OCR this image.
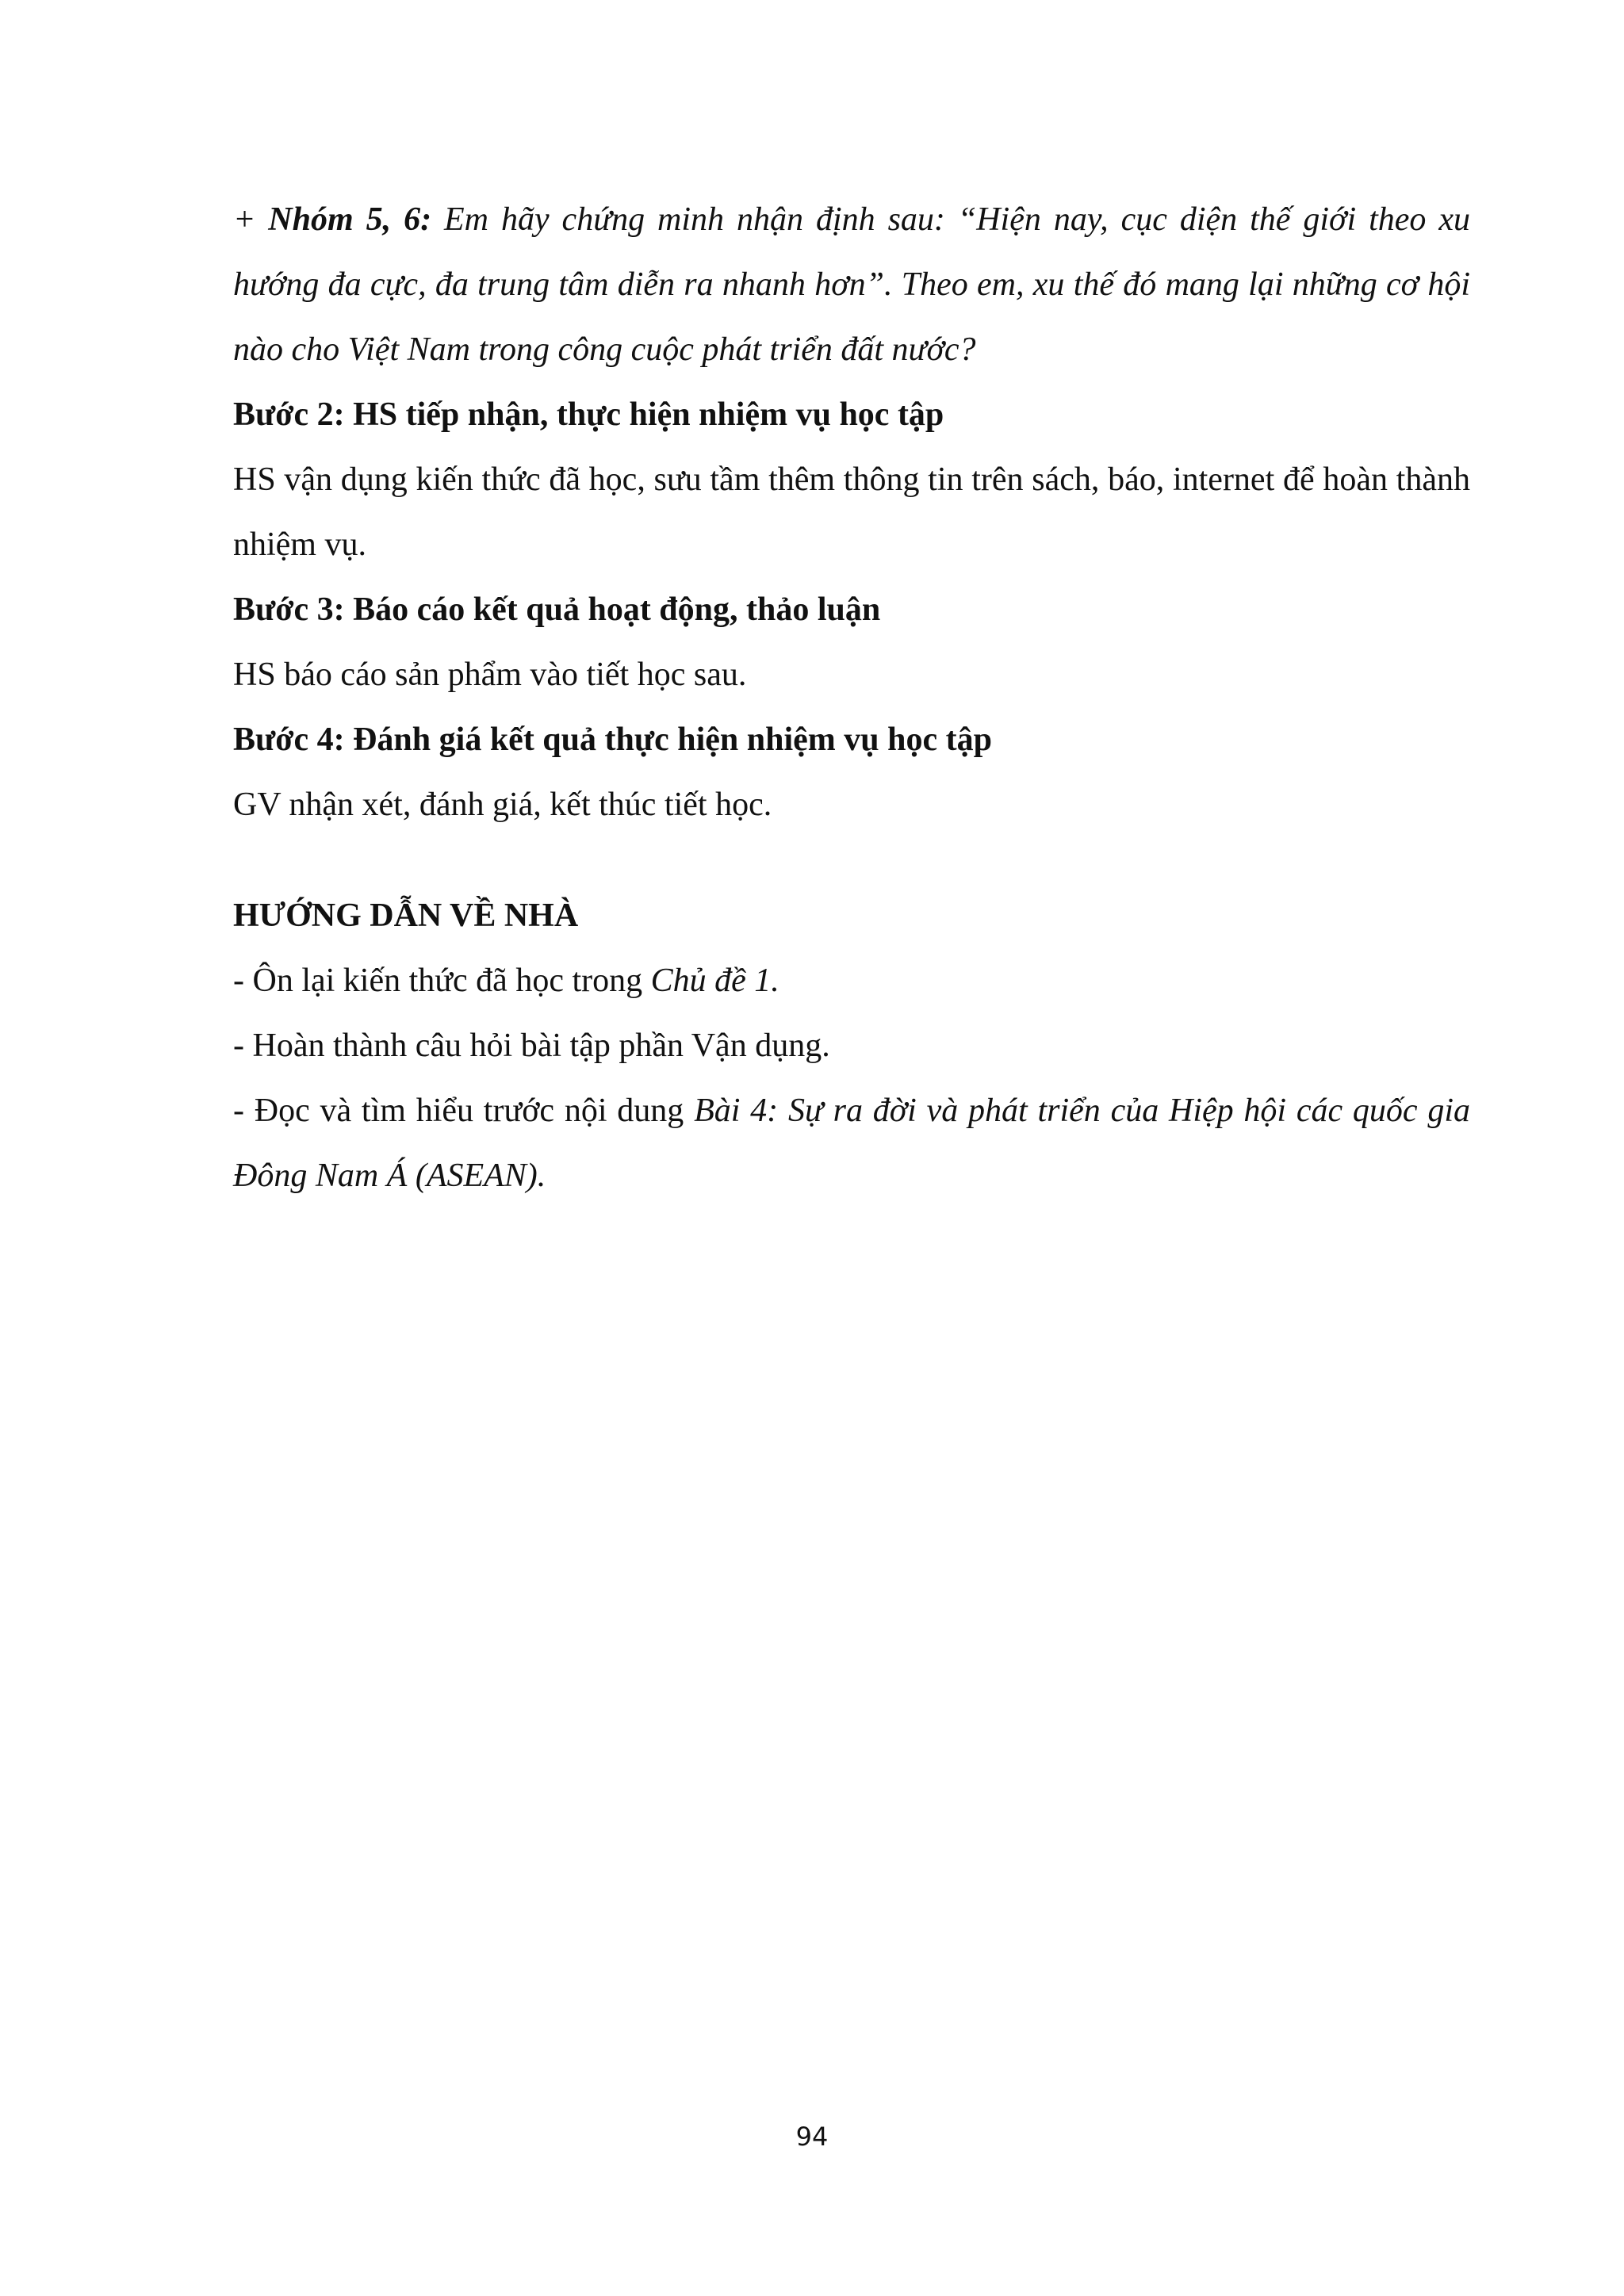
+ Nhóm 5, 6: Em hãy chứng minh nhận định sau: “Hiện nay, cục diện thế giới theo xu hướng đa cực, đa trung tâm diễn ra nhanh hơn”. Theo em, xu thế đó mang lại những cơ hội nào cho Việt Nam trong công cuộc phát triển đất nước?

Bước 2: HS tiếp nhận, thực hiện nhiệm vụ học tập

HS vận dụng kiến thức đã học, sưu tầm thêm thông tin trên sách, báo, internet để hoàn thành nhiệm vụ.

Bước 3: Báo cáo kết quả hoạt động, thảo luận

HS báo cáo sản phẩm vào tiết học sau.

Bước 4: Đánh giá kết quả thực hiện nhiệm vụ học tập

GV nhận xét, đánh giá, kết thúc tiết học.

HƯỚNG DẪN VỀ NHÀ

- Ôn lại kiến thức đã học trong Chủ đề 1.

- Hoàn thành câu hỏi bài tập phần Vận dụng.

- Đọc và tìm hiểu trước nội dung Bài 4: Sự ra đời và phát triển của Hiệp hội các quốc gia Đông Nam Á (ASEAN).

94
